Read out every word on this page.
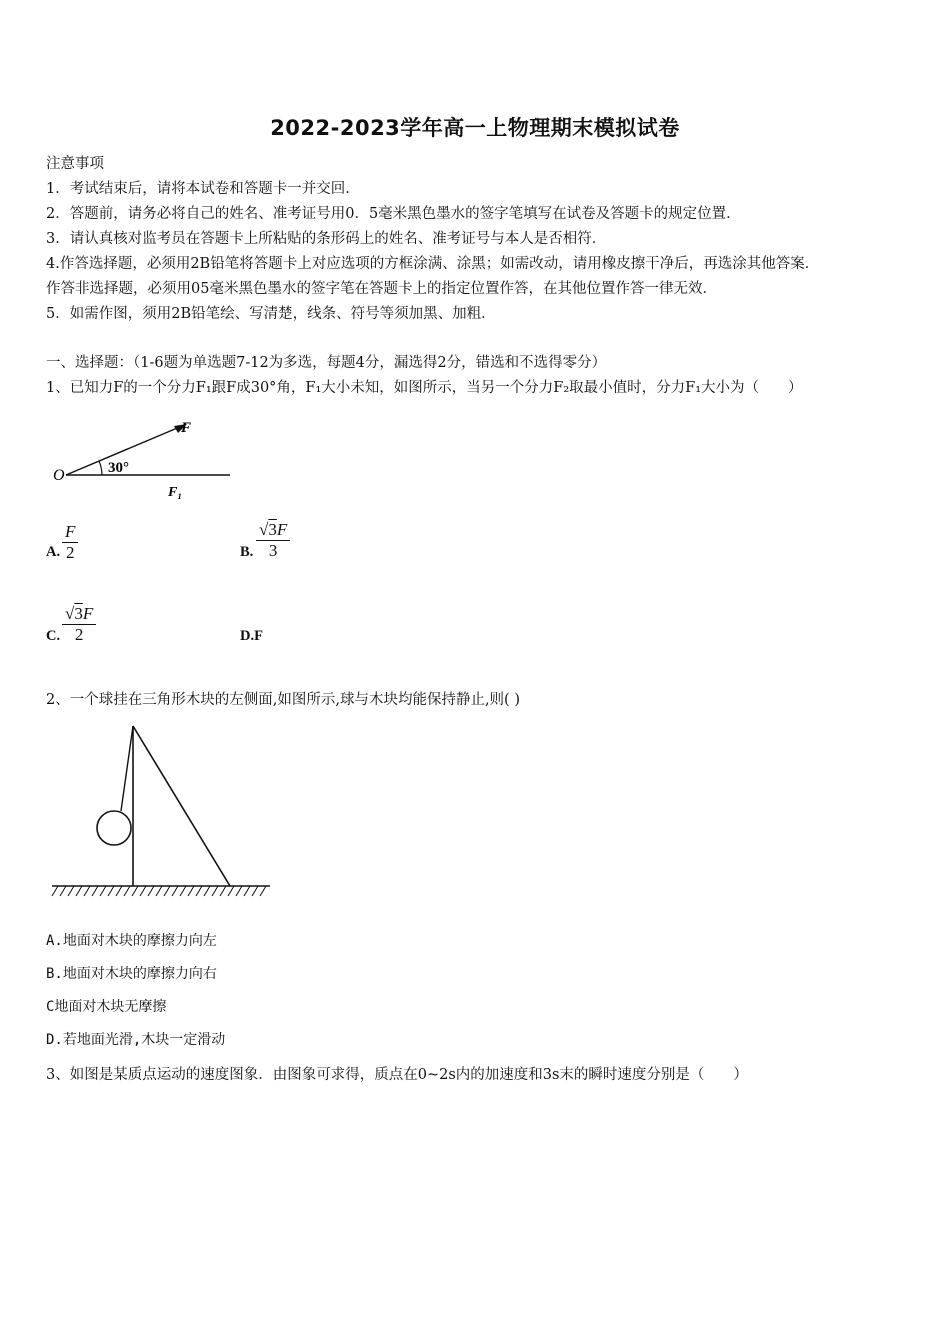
2022-2023学年高一上物理期末模拟试卷
注意事项
1．考试结束后，请将本试卷和答题卡一并交回．
2．答题前，请务必将自己的姓名、准考证号用0．5毫米黑色墨水的签字笔填写在试卷及答题卡的规定位置．
3．请认真核对监考员在答题卡上所粘贴的条形码上的姓名、准考证号与本人是否相符．
4.作答选择题，必须用2B铅笔将答题卡上对应选项的方框涂满、涂黑；如需改动，请用橡皮擦干净后，再选涂其他答案．
作答非选择题，必须用05毫米黑色墨水的签字笔在答题卡上的指定位置作答，在其他位置作答一律无效．
5．如需作图，须用2B铅笔绘、写清楚，线条、符号等须加黑、加粗．
一、选择题：（1-6题为单选题7-12为多选，每题4分，漏选得2分，错选和不选得零分）
1、已知力F的一个分力F₁跟F成30°角，F₁大小未知，如图所示，当另一个分力F₂取最小值时，分力F₁大小为（　　）
F
O	30°
F₁
A. $\frac{F}{2}$	B. $\frac{√3F}{3}$
C. $\frac{√3F}{2}$	D.F
2、一个球挂在三角形木块的左侧面,如图所示,球与木块均能保持静止,则( )
A.地面对木块的摩擦力向左
B.地面对木块的摩擦力向右
C地面对木块无摩擦
D.若地面光滑,木块一定滑动
3、如图是某质点运动的速度图象．由图象可求得，质点在0~2s内的加速度和3s末的瞬时速度分别是（　　）
